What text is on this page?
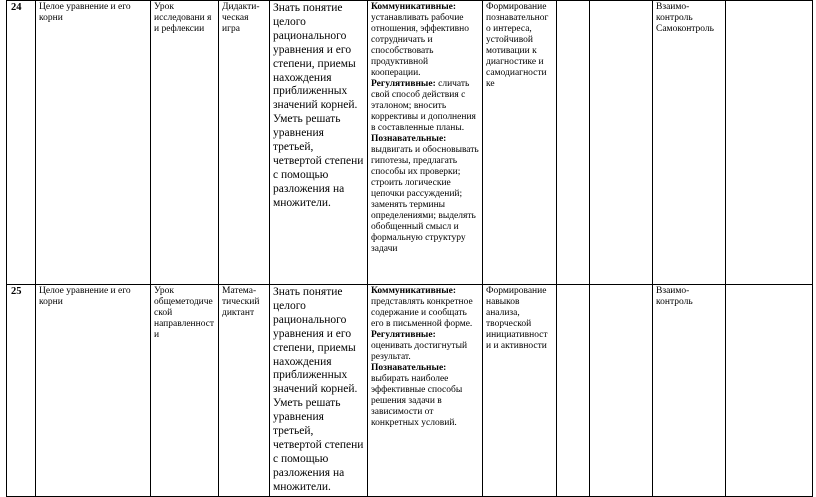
24	Целое уравнение и его корни	Урок исследовани я и рефлексии	Дидакти-ческая игра	Знать понятие целого рационального уравнения и его степени, приемы нахождения приближенных значений корней. Уметь решать уравнения третьей, четвертой степени с помощью разложения на множители.	Коммуникативные: устанавливать рабочие отношения, эффективно сотрудничать и способствовать продуктивной кооперации.
Регулятивные: сличать свой способ действия с эталоном; вносить коррективы и дополнения в составленные планы.
Познавательные: выдвигать и обосновывать гипотезы, предлагать способы их проверки; строить логические цепочки рассуждений; заменять термины определениями; выделять обобщенный смысл и формальную структуру задачи	Формирование познавательног о интереса, устойчивой мотивации к диагностике и самодиагности ке			Взаимо-контроль Самоконтроль	
25	Целое уравнение и его корни	Урок общеметодической направленности	Матема-тический диктант	Знать понятие целого рационального уравнения и его степени, приемы нахождения приближенных значений корней. Уметь решать уравнения третьей, четвертой степени с помощью разложения на множители.	Коммуникативные: представлять конкретное содержание и сообщать его в письменной форме.
Регулятивные: оценивать достигнутый результат.
Познавательные: выбирать наиболее эффективные способы решения задачи в зависимости от конкретных условий.	Формирование навыков анализа, творческой инициативност и и активности			Взаимо-контроль	
